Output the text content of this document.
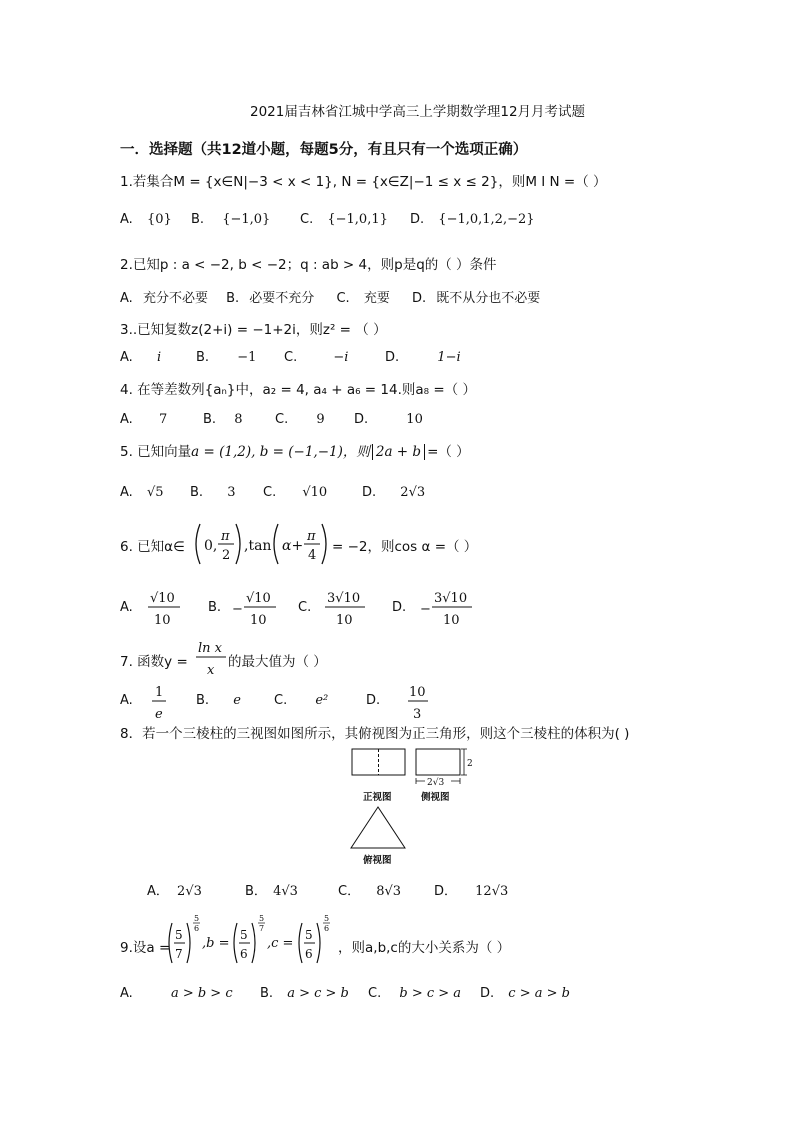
2021届吉林省江城中学高三上学期数学理12月月考试题
一．选择题（共12道小题，每题5分，有且只有一个选项正确）
1.若集合M = {x∈N|−3 < x < 1}, N = {x∈Z|−1 ≤ x ≤ 2}，则M I N =（ ）
A. {0} B. {−1,0} C. {−1,0,1} D. {−1,0,1,2,−2}
2.已知p : a < −2, b < −2；q : ab > 4，则p是q的（ ）条件
A. 充分不必要 B. 必要不充分 C. 充要 D. 既不从分也不必要
3..已知复数z(2+i) = −1+2i，则z² = （ ）
A. i	B. −1 C.	−i	D.	1−i
4. 在等差数列{aₙ}中，a₂ = 4, a₄ + a₆ = 14.则a₈ =（ ）
A. 7	B. 8	C. 9 D.	10
5. 已知向量a = (1,2), b = (−1,−1)，则 2a + b =（ ）
A. √5 B. 3 C. √10	D. 2√3
6. 已知α∈ 0,
π
2
,tan α+
π
4
= −2，则cos α =（ ）
A.
√10
10
B. −
√10
10
C.
3√10
10
D. −
3√10
10
7. 函数y =
ln x
x
的最大值为（ ）
A.
1
e
B. e	C. e²	D.
10
3
8．若一个三棱柱的三视图如图所示，其俯视图为正三角形，则这个三棱柱的体积为( )
2
2√3
正视图	侧视图
俯视图
A． 2√3	B． 4√3	C． 8√3	D． 12√3
9.设a =
5
7
5
6
,b =
5
6
5
7
,c =
5
6
5
6
，则a,b,c的大小关系为（ ）
A.	a > b > c B. a > c > b C. b > c > a D. c > a > b
